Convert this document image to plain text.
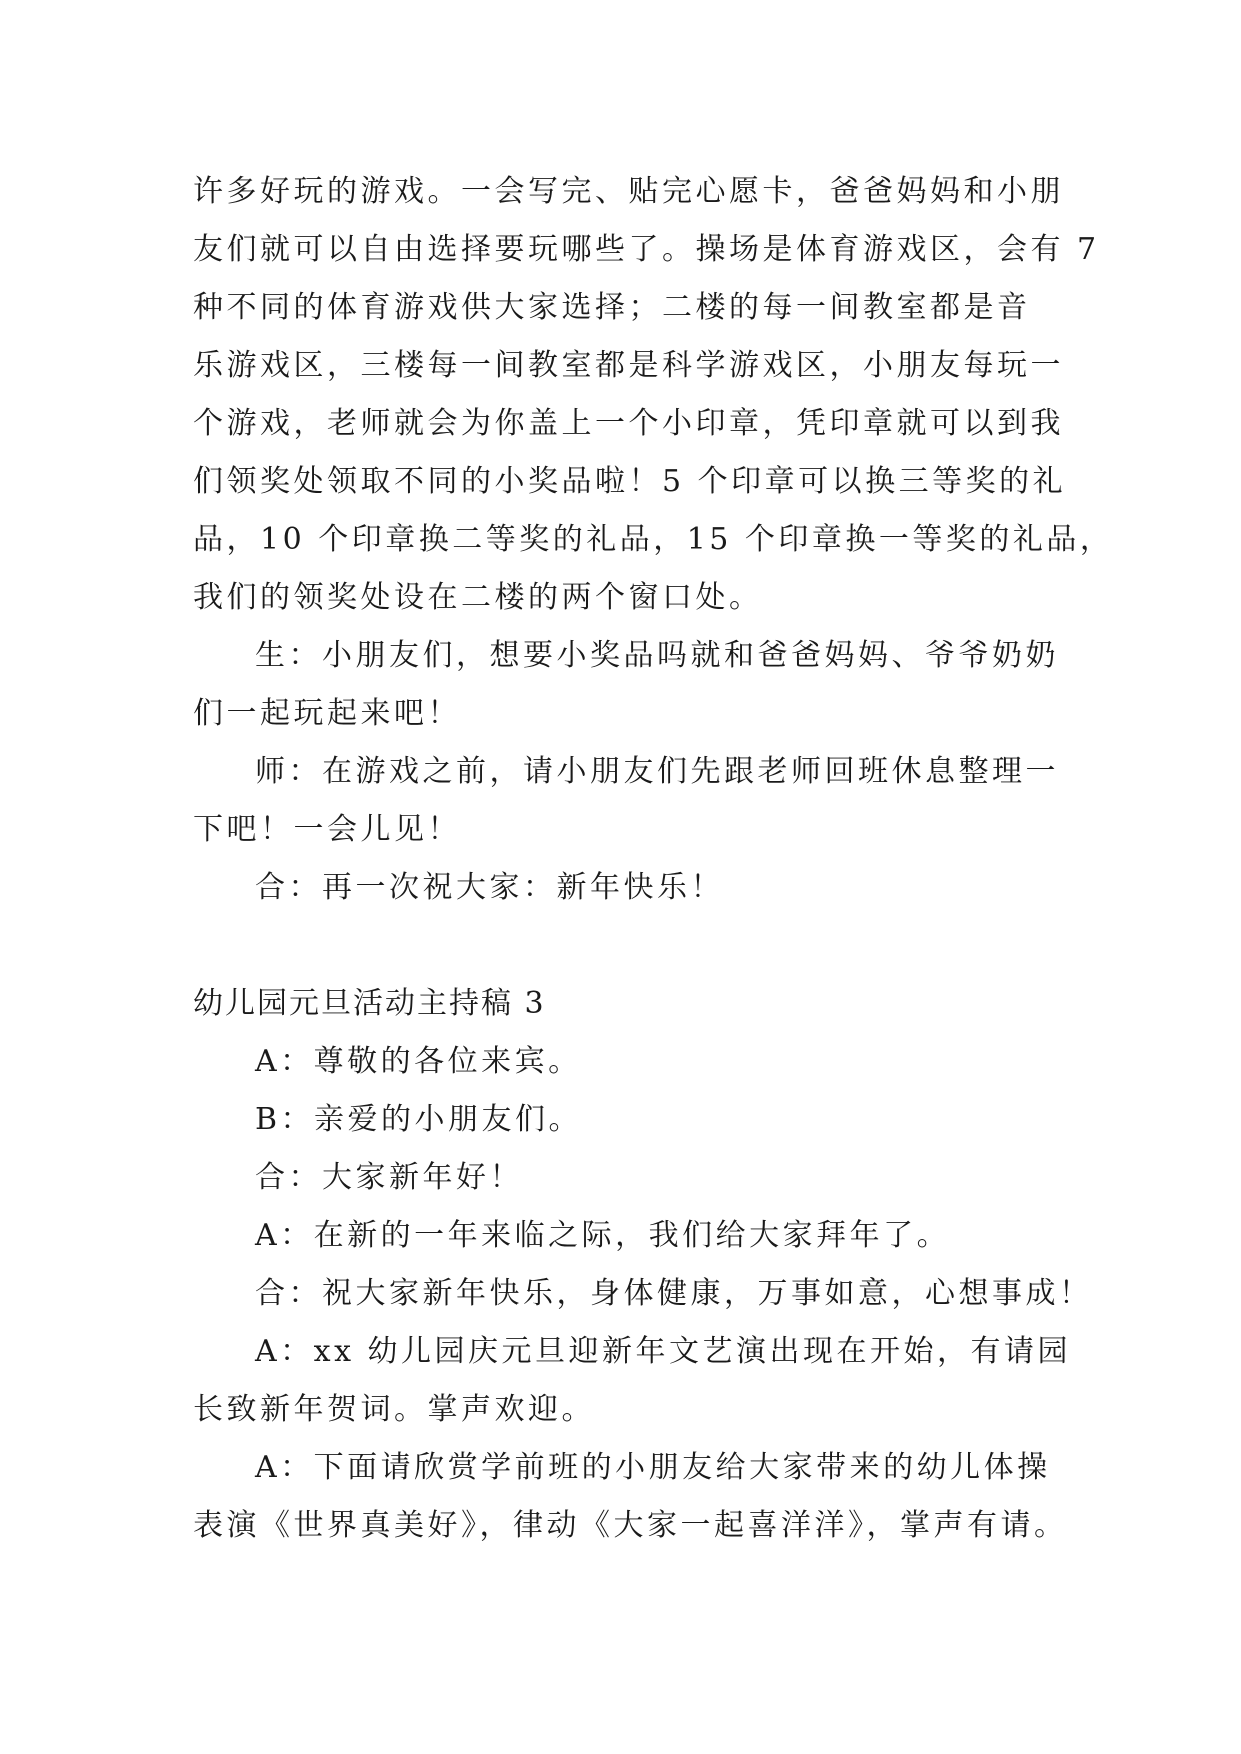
许多好玩的游戏。一会写完、贴完心愿卡，爸爸妈妈和小朋
友们就可以自由选择要玩哪些了。操场是体育游戏区，会有 7
种不同的体育游戏供大家选择；二楼的每一间教室都是音
乐游戏区，三楼每一间教室都是科学游戏区，小朋友每玩一
个游戏，老师就会为你盖上一个小印章，凭印章就可以到我
们领奖处领取不同的小奖品啦！5 个印章可以换三等奖的礼
品，10 个印章换二等奖的礼品，15 个印章换一等奖的礼品，
我们的领奖处设在二楼的两个窗口处。
生：小朋友们，想要小奖品吗就和爸爸妈妈、爷爷奶奶
们一起玩起来吧！
师：在游戏之前，请小朋友们先跟老师回班休息整理一
下吧！一会儿见！
合：再一次祝大家：新年快乐！
幼儿园元旦活动主持稿 3
A：尊敬的各位来宾。
B：亲爱的小朋友们。
合：大家新年好！
A：在新的一年来临之际，我们给大家拜年了。
合：祝大家新年快乐，身体健康，万事如意，心想事成！
A：xx 幼儿园庆元旦迎新年文艺演出现在开始，有请园
长致新年贺词。掌声欢迎。
A：下面请欣赏学前班的小朋友给大家带来的幼儿体操
表演《世界真美好》，律动《大家一起喜洋洋》，掌声有请。
